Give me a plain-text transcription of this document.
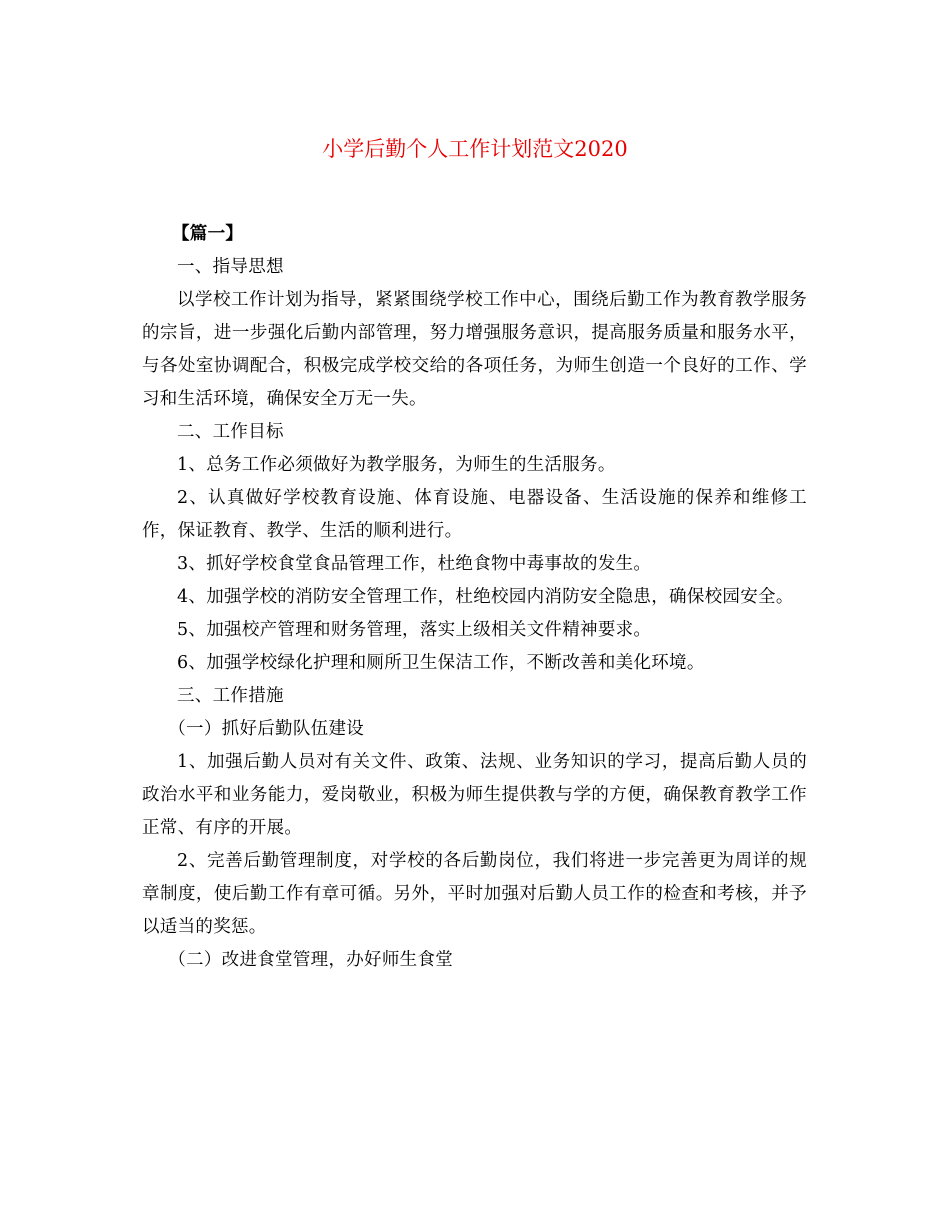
小学后勤个人工作计划范文2020

【篇一】

一、指导思想

以学校工作计划为指导，紧紧围绕学校工作中心，围绕后勤工作为教育教学服务的宗旨，进一步强化后勤内部管理，努力增强服务意识，提高服务质量和服务水平，与各处室协调配合，积极完成学校交给的各项任务，为师生创造一个良好的工作、学习和生活环境，确保安全万无一失。

二、工作目标

1、总务工作必须做好为教学服务，为师生的生活服务。

2、认真做好学校教育设施、体育设施、电器设备、生活设施的保养和维修工作，保证教育、教学、生活的顺利进行。

3、抓好学校食堂食品管理工作，杜绝食物中毒事故的发生。

4、加强学校的消防安全管理工作，杜绝校园内消防安全隐患，确保校园安全。

5、加强校产管理和财务管理，落实上级相关文件精神要求。

6、加强学校绿化护理和厕所卫生保洁工作，不断改善和美化环境。

三、工作措施

（一）抓好后勤队伍建设

1、加强后勤人员对有关文件、政策、法规、业务知识的学习，提高后勤人员的政治水平和业务能力，爱岗敬业，积极为师生提供教与学的方便，确保教育教学工作正常、有序的开展。

2、完善后勤管理制度，对学校的各后勤岗位，我们将进一步完善更为周详的规章制度，使后勤工作有章可循。另外，平时加强对后勤人员工作的检查和考核，并予以适当的奖惩。

（二）改进食堂管理，办好师生食堂
